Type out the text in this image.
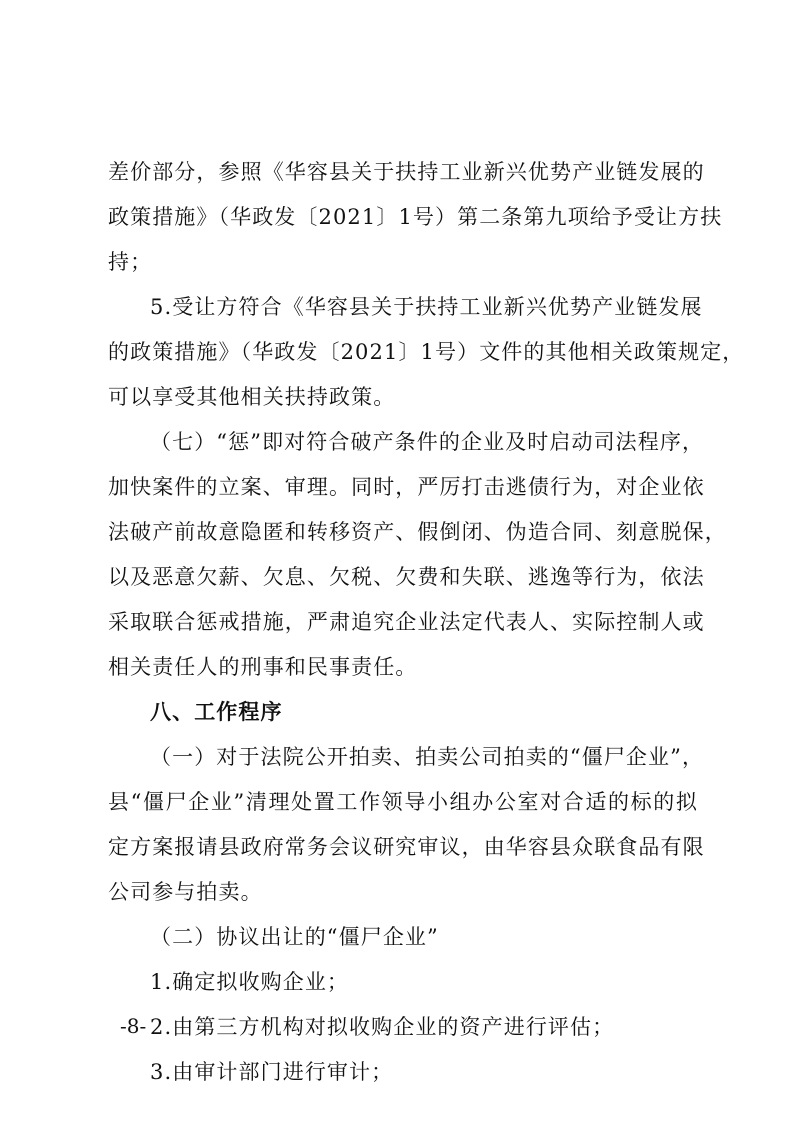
差价部分，参照《华容县关于扶持工业新兴优势产业链发展的
政策措施》（华政发〔2021〕1号）第二条第九项给予受让方扶
持；
5.受让方符合《华容县关于扶持工业新兴优势产业链发展
的政策措施》（华政发〔2021〕1号）文件的其他相关政策规定，
可以享受其他相关扶持政策。
（七）“惩”即对符合破产条件的企业及时启动司法程序，
加快案件的立案、审理。同时，严厉打击逃债行为，对企业依
法破产前故意隐匿和转移资产、假倒闭、伪造合同、刻意脱保，
以及恶意欠薪、欠息、欠税、欠费和失联、逃逸等行为，依法
采取联合惩戒措施，严肃追究企业法定代表人、实际控制人或
相关责任人的刑事和民事责任。
八、工作程序
（一）对于法院公开拍卖、拍卖公司拍卖的“僵尸企业”，
县“僵尸企业”清理处置工作领导小组办公室对合适的标的拟
定方案报请县政府常务会议研究审议，由华容县众联食品有限
公司参与拍卖。
（二）协议出让的“僵尸企业”
1.确定拟收购企业；
2.由第三方机构对拟收购企业的资产进行评估；
3.由审计部门进行审计；
-8-
